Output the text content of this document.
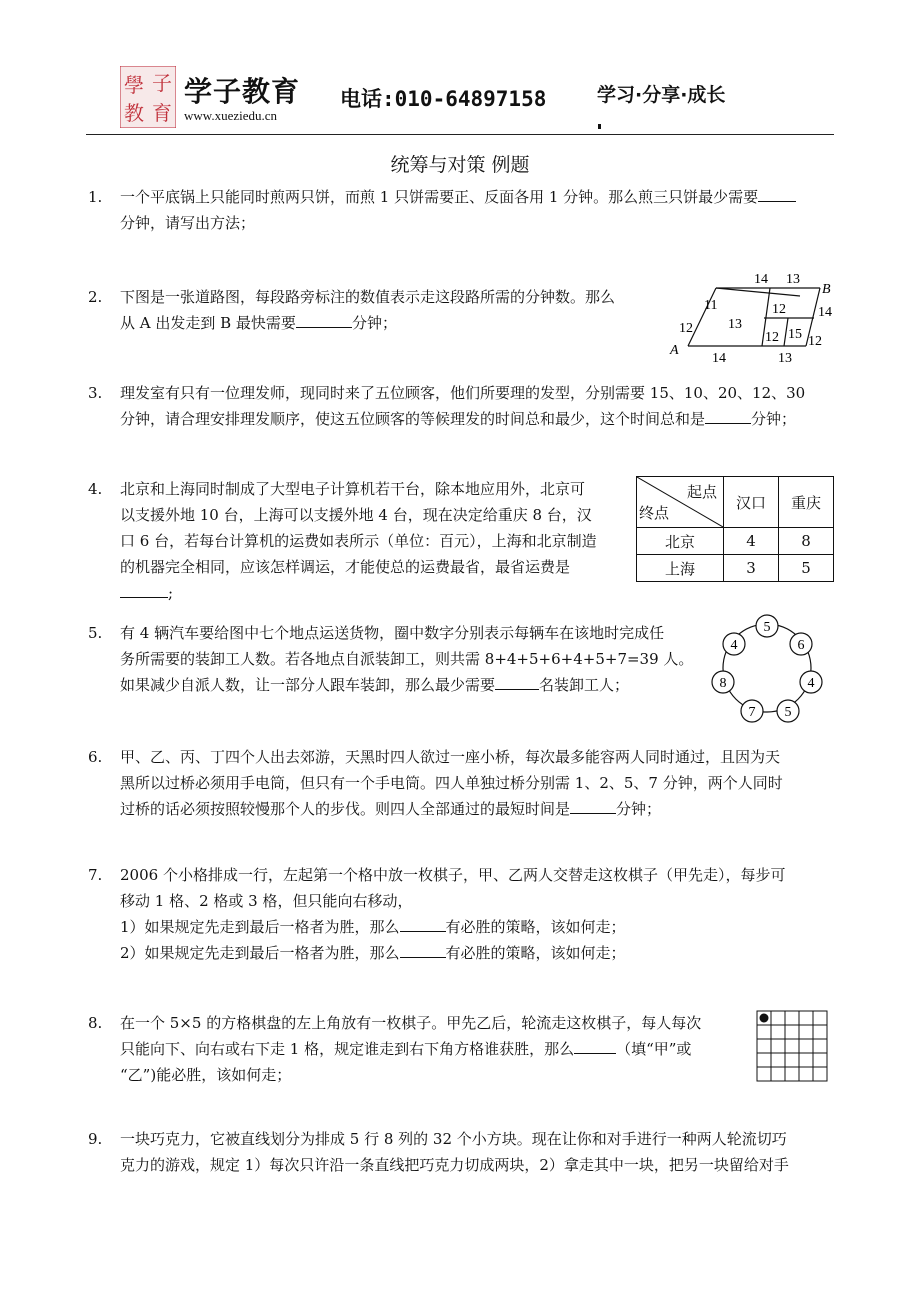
學 子
教 育
学子教育
www.xueziedu.cn
电话:010-64897158	学习·分享·成长
统筹与对策 例题
1.	一个平底锅上只能同时煎两只饼，而煎 1 只饼需要正、反面各用 1 分钟。那么煎三只饼最少需要
分钟，请写出方法；
2.	下图是一张道路图，每段路旁标注的数值表示走这段路所需的分钟数。那么
从 A 出发走到 B 最快需要	分钟；
14 13
B
11	12 14
12	13
12 15 12
A
14	13
3.	理发室有只有一位理发师，现同时来了五位顾客，他们所要理的发型，分别需要 15、10、20、12、30
分钟，请合理安排理发顺序，使这五位顾客的等候理发的时间总和最少，这个时间总和是	分钟；
4.	北京和上海同时制成了大型电子计算机若干台，除本地应用外，北京可
以支援外地 10 台，上海可以支援外地 4 台，现在决定给重庆 8 台，汉
口 6 台，若每台计算机的运费如表所示（单位：百元），上海和北京制造
的机器完全相同，应该怎样调运，才能使总的运费最省，最省运费是
;
起点
终点	汉口	重庆
北京	4	8
上海	3	5
5.	有 4 辆汽车要给图中七个地点运送货物，圈中数字分别表示每辆车在该地时完成任
务所需要的装卸工人数。若各地点自派装卸工，则共需 8+4+5+6+4+5+7=39 人。
如果减少自派人数，让一部分人跟车装卸，那么最少需要	名装卸工人；
5
6
4
5
7
8
4
6.	甲、乙、丙、丁四个人出去郊游，天黑时四人欲过一座小桥，每次最多能容两人同时通过，且因为天
黑所以过桥必须用手电筒，但只有一个手电筒。四人单独过桥分别需 1、2、5、7 分钟，两个人同时
过桥的话必须按照较慢那个人的步伐。则四人全部通过的最短时间是	分钟；
7.	2006 个小格排成一行，左起第一个格中放一枚棋子，甲、乙两人交替走这枚棋子（甲先走），每步可
移动 1 格、2 格或 3 格，但只能向右移动，
1）如果规定先走到最后一格者为胜，那么	有必胜的策略，该如何走；
2）如果规定先走到最后一格者为胜，那么	有必胜的策略，该如何走；
8.	在一个 5×5 的方格棋盘的左上角放有一枚棋子。甲先乙后，轮流走这枚棋子，每人每次
只能向下、向右或右下走 1 格，规定谁走到右下角方格谁获胜，那么	（填“甲”或
“乙”)能必胜，该如何走；
9.	一块巧克力，它被直线划分为排成 5 行 8 列的 32 个小方块。现在让你和对手进行一种两人轮流切巧
克力的游戏，规定 1）每次只许沿一条直线把巧克力切成两块，2）拿走其中一块，把另一块留给对手
